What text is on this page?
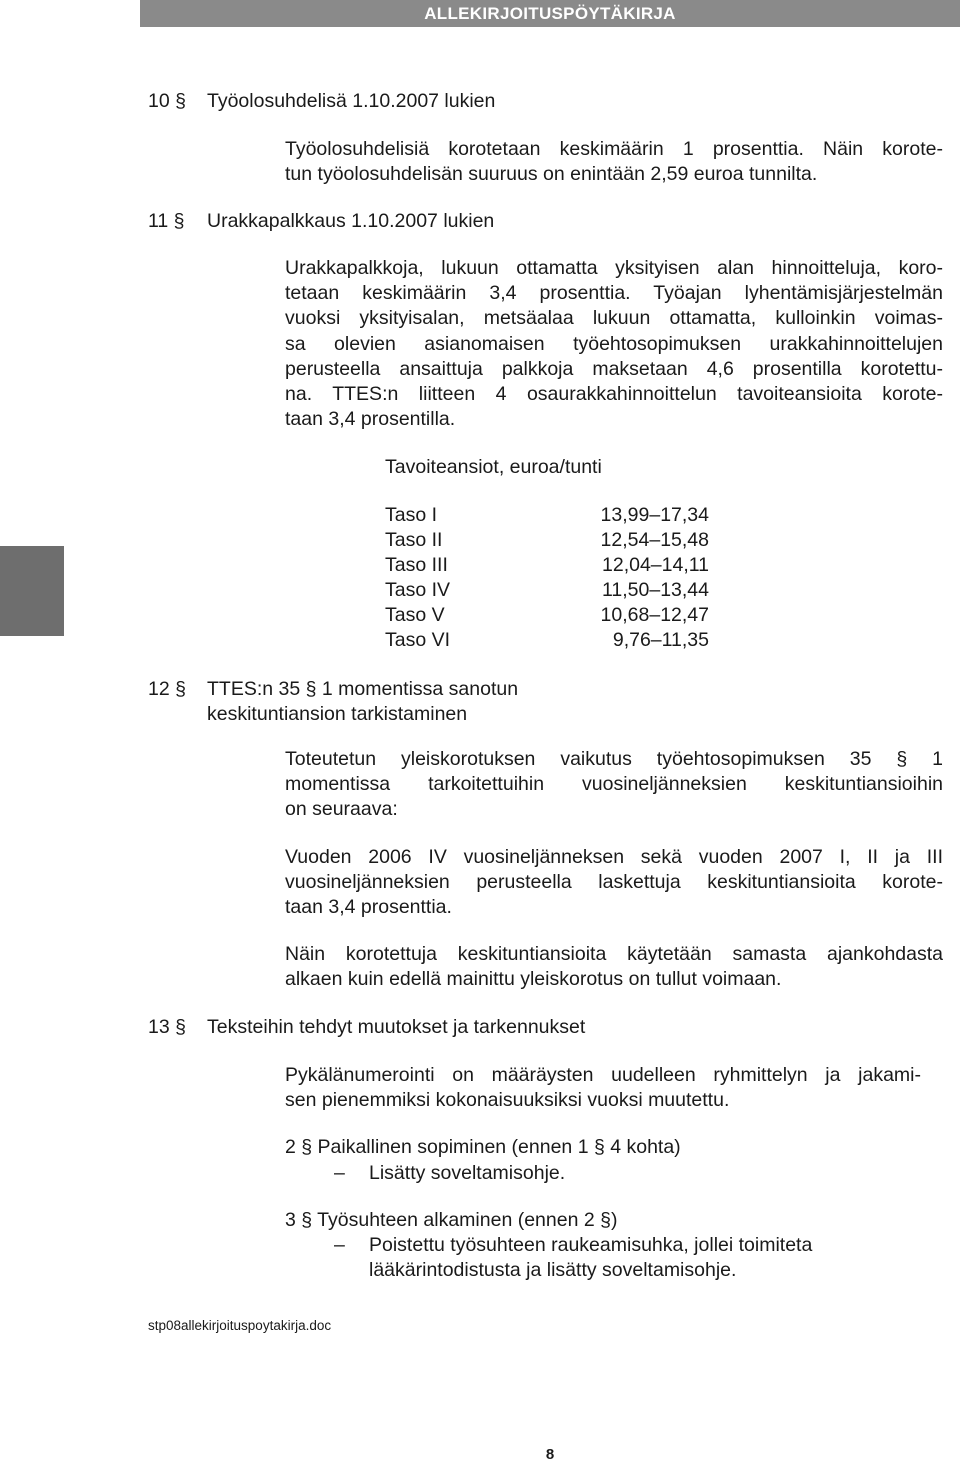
ALLEKIRJOITUSPÖYTÄKIRJA
10 § Työolosuhdelisä 1.10.2007 lukien
Työolosuhdelisiä korotetaan keskimäärin 1 prosenttia. Näin korote-
tun työolosuhdelisän suuruus on enintään 2,59 euroa tunnilta.
11 § Urakkapalkkaus 1.10.2007 lukien
Urakkapalkkoja, lukuun ottamatta yksityisen alan hinnoitteluja, koro-
tetaan keskimäärin 3,4 prosenttia. Työajan lyhentämisjärjestelmän
vuoksi yksityisalan, metsäalaa lukuun ottamatta, kulloinkin voimas-
sa olevien asianomaisen työehtosopimuksen urakkahinnoittelujen
perusteella ansaittuja palkkoja maksetaan 4,6 prosentilla korotettu-
na. TTES:n liitteen 4 osaurakkahinnoittelun tavoiteansioita korote-
taan 3,4 prosentilla.
Tavoiteansiot, euroa/tunti
Taso I	13,99–17,34
Taso II	12,54–15,48
Taso III	12,04–14,11
Taso IV	11,50–13,44
Taso V	10,68–12,47
Taso VI	9,76–11,35
12 § TTES:n 35 § 1 momentissa sanotun
keskituntiansion tarkistaminen
Toteutetun yleiskorotuksen vaikutus työehtosopimuksen 35 § 1
momentissa tarkoitettuihin vuosineljänneksien keskituntiansioihin
on seuraava:
Vuoden 2006 IV vuosineljänneksen sekä vuoden 2007 I, II ja III
vuosineljänneksien perusteella laskettuja keskituntiansioita korote-
taan 3,4 prosenttia.
Näin korotettuja keskituntiansioita käytetään samasta ajankohdasta
alkaen kuin edellä mainittu yleiskorotus on tullut voimaan.
13 § Teksteihin tehdyt muutokset ja tarkennukset
Pykälänumerointi on määräysten uudelleen ryhmittelyn ja jakami-
sen pienemmiksi kokonaisuuksiksi vuoksi muutettu.
2 § Paikallinen sopiminen (ennen 1 § 4 kohta)
– Lisätty soveltamisohje.
3 § Työsuhteen alkaminen (ennen 2 §)
– Poistettu työsuhteen raukeamisuhka, jollei toimiteta
lääkärintodistusta ja lisätty soveltamisohje.
stp08allekirjoituspoytakirja.doc
8
